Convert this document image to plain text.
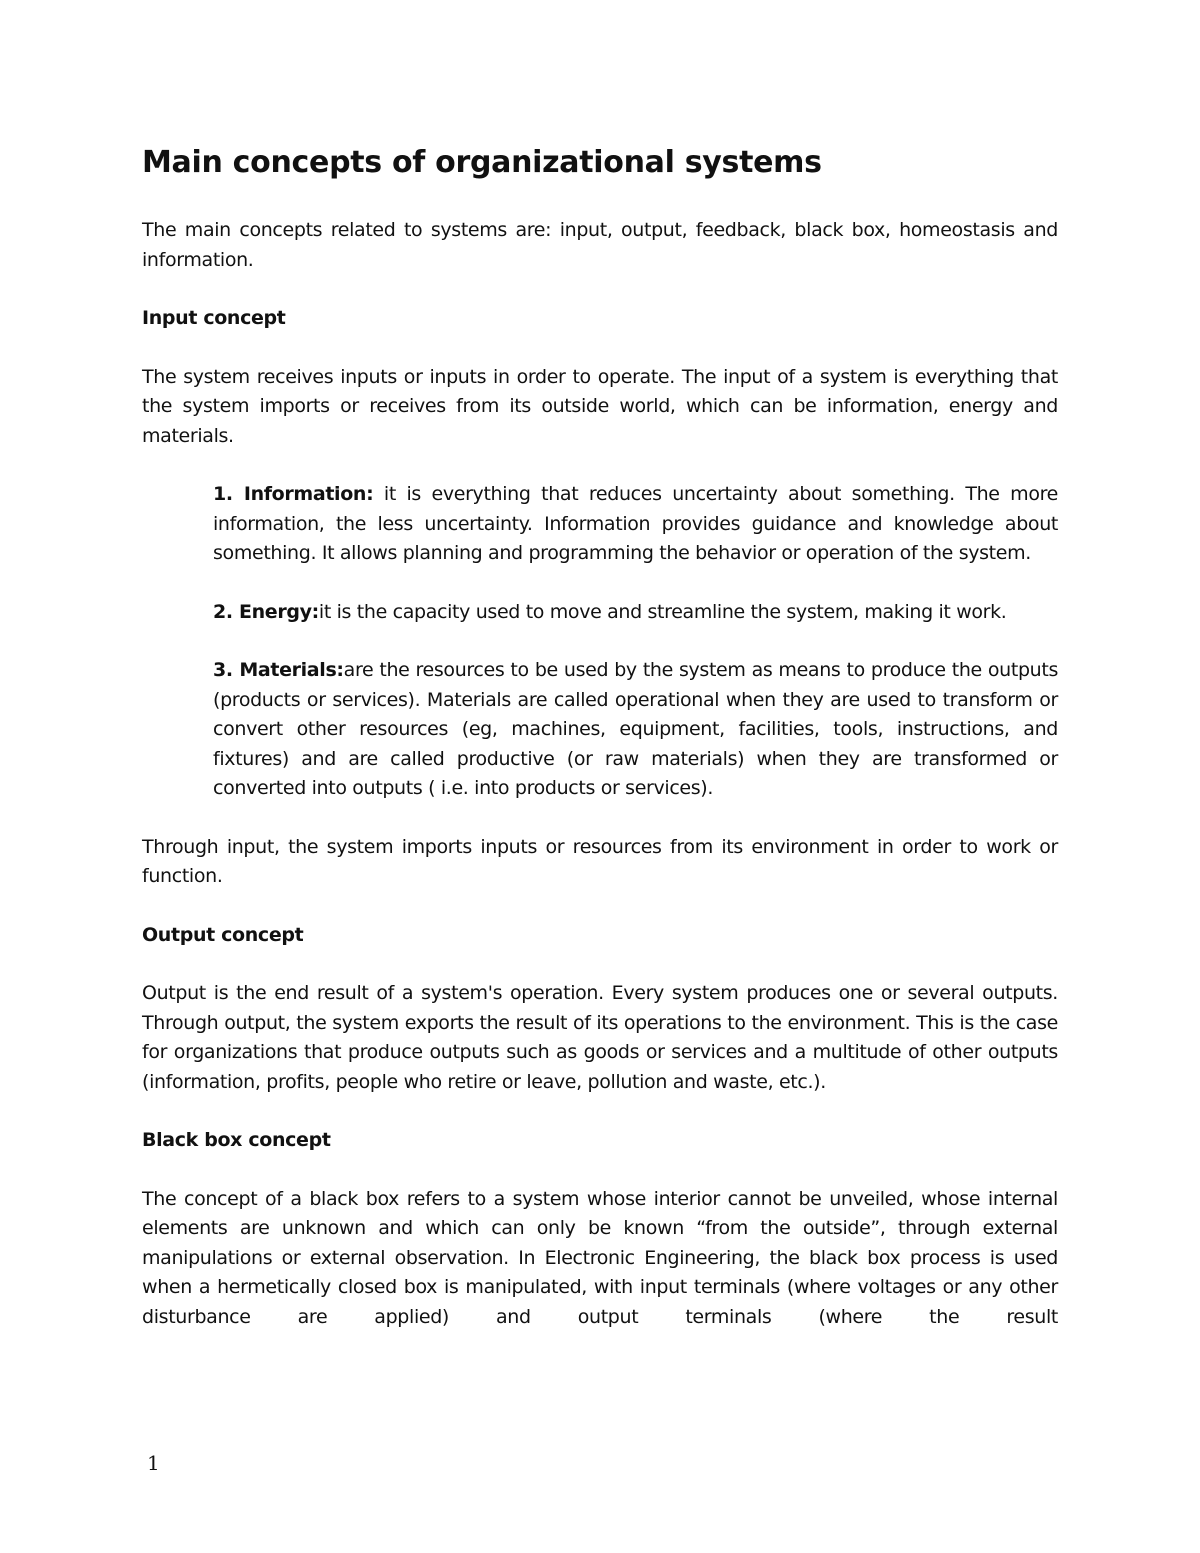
Main concepts of organizational systems

The main concepts related to systems are: input, output, feedback, black box, homeostasis and information.

Input concept

The system receives inputs or inputs in order to operate. The input of a system is everything that the system imports or receives from its outside world, which can be information, energy and materials.

1. Information: it is everything that reduces uncertainty about something. The more information, the less uncertainty. Information provides guidance and knowledge about something. It allows planning and programming the behavior or operation of the system.

2. Energy:it is the capacity used to move and streamline the system, making it work.

3. Materials:are the resources to be used by the system as means to produce the outputs (products or services). Materials are called operational when they are used to transform or convert other resources (eg, machines, equipment, facilities, tools, instructions, and fixtures) and are called productive (or raw materials) when they are transformed or converted into outputs ( i.e. into products or services).

Through input, the system imports inputs or resources from its environment in order to work or function.

Output concept

Output is the end result of a system's operation. Every system produces one or several outputs. Through output, the system exports the result of its operations to the environment. This is the case for organizations that produce outputs such as goods or services and a multitude of other outputs (information, profits, people who retire or leave, pollution and waste, etc.).

Black box concept

The concept of a black box refers to a system whose interior cannot be unveiled, whose internal elements are unknown and which can only be known “from the outside”, through external manipulations or external observation. In Electronic Engineering, the black box process is used when a hermetically closed box is manipulated, with input terminals (where voltages or any other disturbance are applied) and output terminals (where the result

1
